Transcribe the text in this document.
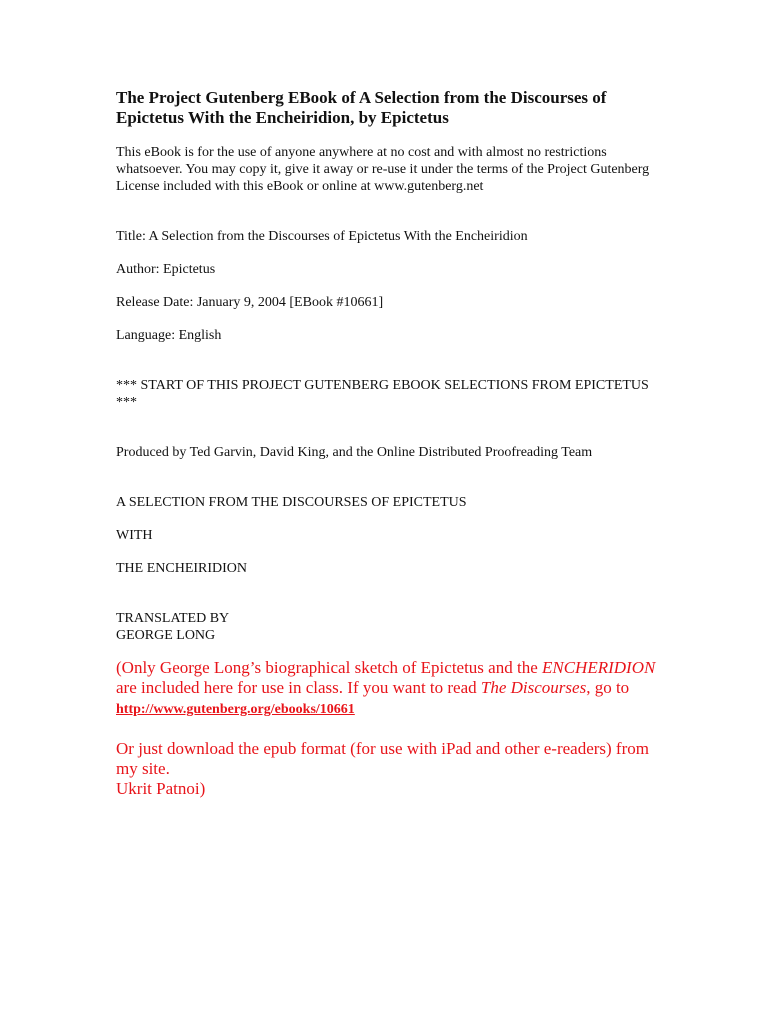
The Project Gutenberg EBook of A Selection from the Discourses of Epictetus With the Encheiridion, by Epictetus
This eBook is for the use of anyone anywhere at no cost and with almost no restrictions whatsoever. You may copy it, give it away or re-use it under the terms of the Project Gutenberg License included with this eBook or online at www.gutenberg.net
Title: A Selection from the Discourses of Epictetus With the Encheiridion
Author: Epictetus
Release Date: January 9, 2004 [EBook #10661]
Language: English
*** START OF THIS PROJECT GUTENBERG EBOOK SELECTIONS FROM EPICTETUS ***
Produced by Ted Garvin, David King, and the Online Distributed Proofreading Team
A SELECTION FROM THE DISCOURSES OF EPICTETUS
WITH
THE ENCHEIRIDION
TRANSLATED BY
GEORGE LONG
(Only George Long’s biographical sketch of Epictetus and the ENCHERIDION are included here for use in class. If you want to read The Discourses, go to http://www.gutenberg.org/ebooks/10661
Or just download the epub format (for use with iPad and other e-readers) from my site.
Ukrit Patnoi)
